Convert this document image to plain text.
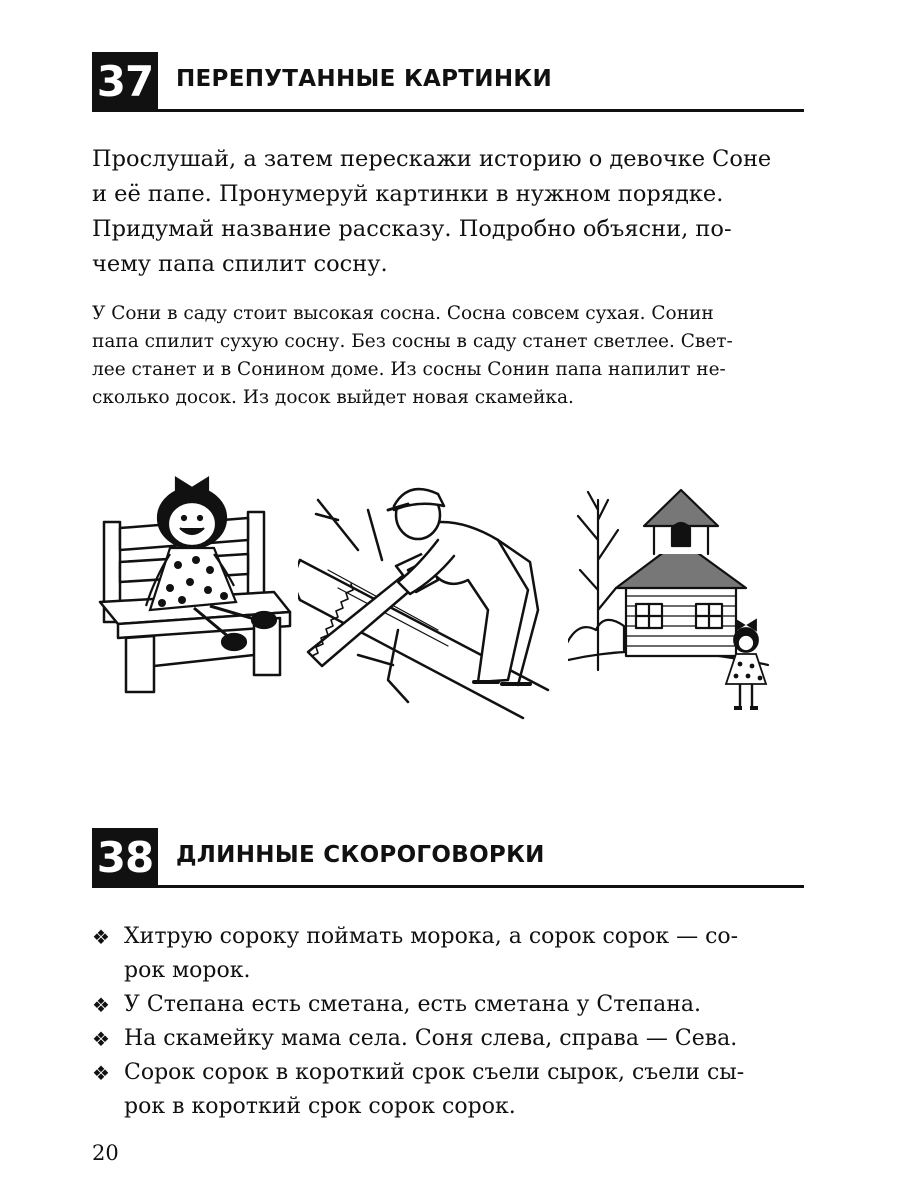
37 ПЕРЕПУТАННЫЕ КАРТИНКИ
Прослушай, а затем перескажи историю о девочке Соне
и её папе. Пронумеруй картинки в нужном порядке.
Придумай название рассказу. Подробно объясни, по-
чему папа спилит сосну.
У Сони в саду стоит высокая сосна. Сосна совсем сухая. Сонин
папа спилит сухую сосну. Без сосны в саду станет светлее. Свет-
лее станет и в Сонином доме. Из сосны Сонин папа напилит не-
сколько досок. Из досок выйдет новая скамейка.
38 ДЛИННЫЕ СКОРОГОВОРКИ
❖ Хитрую сороку поймать морока, а сорок сорок — со-
рок морок.
❖ У Степана есть сметана, есть сметана у Степана.
❖ На скамейку мама села. Соня слева, справа — Сева.
❖ Сорок сорок в короткий срок съели сырок, съели сы-
рок в короткий срок сорок сорок.
20
